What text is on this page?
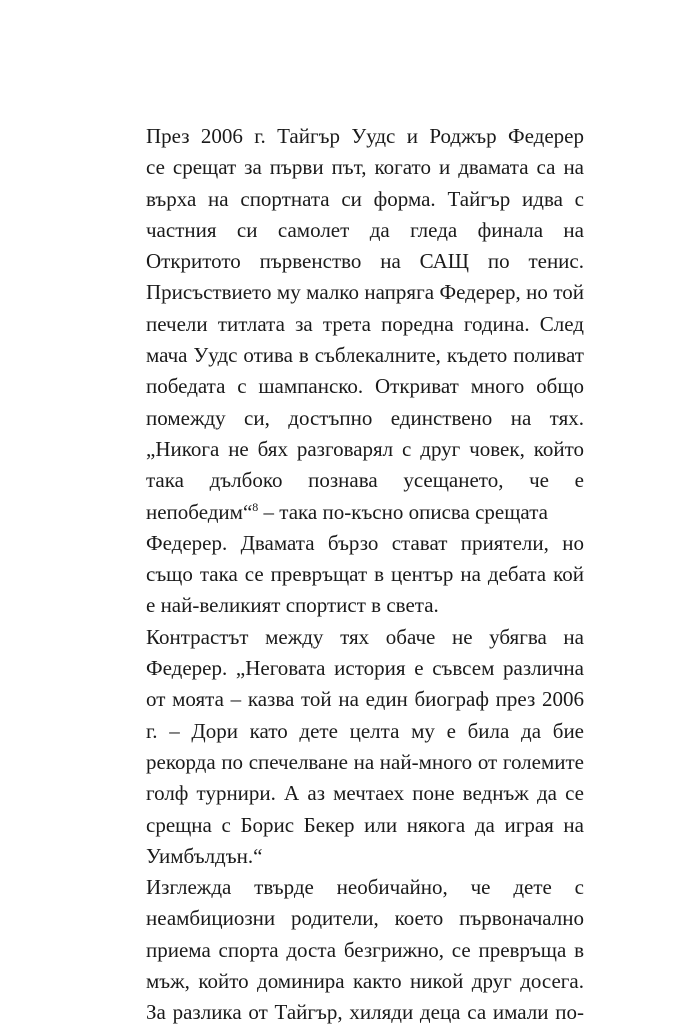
През 2006 г. Тайгър Уудс и Роджър Федерер
се срещат за първи път, когато и двамата са на
върха на спортната си форма. Тайгър идва с
частния си самолет да гледа финала на
Откритото първенство на САЩ по тенис.
Присъствието му малко напряга Федерер, но той
печели титлата за трета поредна година. След
мача Уудс отива в съблекалните, където поливат
победата с шампанско. Откриват много общо
помежду си, достъпно единствено на тях.
„Никога не бях разговарял с друг човек, който
така дълбоко познава усещането, че е
непобедим“$^8$ – така по-късно описва срещата
Федерер. Двамата бързо стават приятели, но
също така се превръщат в център на дебата кой
е най-великият спортист в света.
Контрастът между тях обаче не убягва на
Федерер. „Неговата история е съвсем различна
от моята – казва той на един биограф през 2006
г. – Дори като дете целта му е била да бие
рекорда по спечелване на най-много от големите
голф турнири. А аз мечтаех поне веднъж да се
срещна с Борис Бекер или някога да играя на
Уимбълдън.“
Изглежда твърде необичайно, че дете с
неамбициозни родители, което първоначално
приема спорта доста безгрижно, се превръща в
мъж, който доминира както никой друг досега.
За разлика от Тайгър, хиляди деца са имали по-
